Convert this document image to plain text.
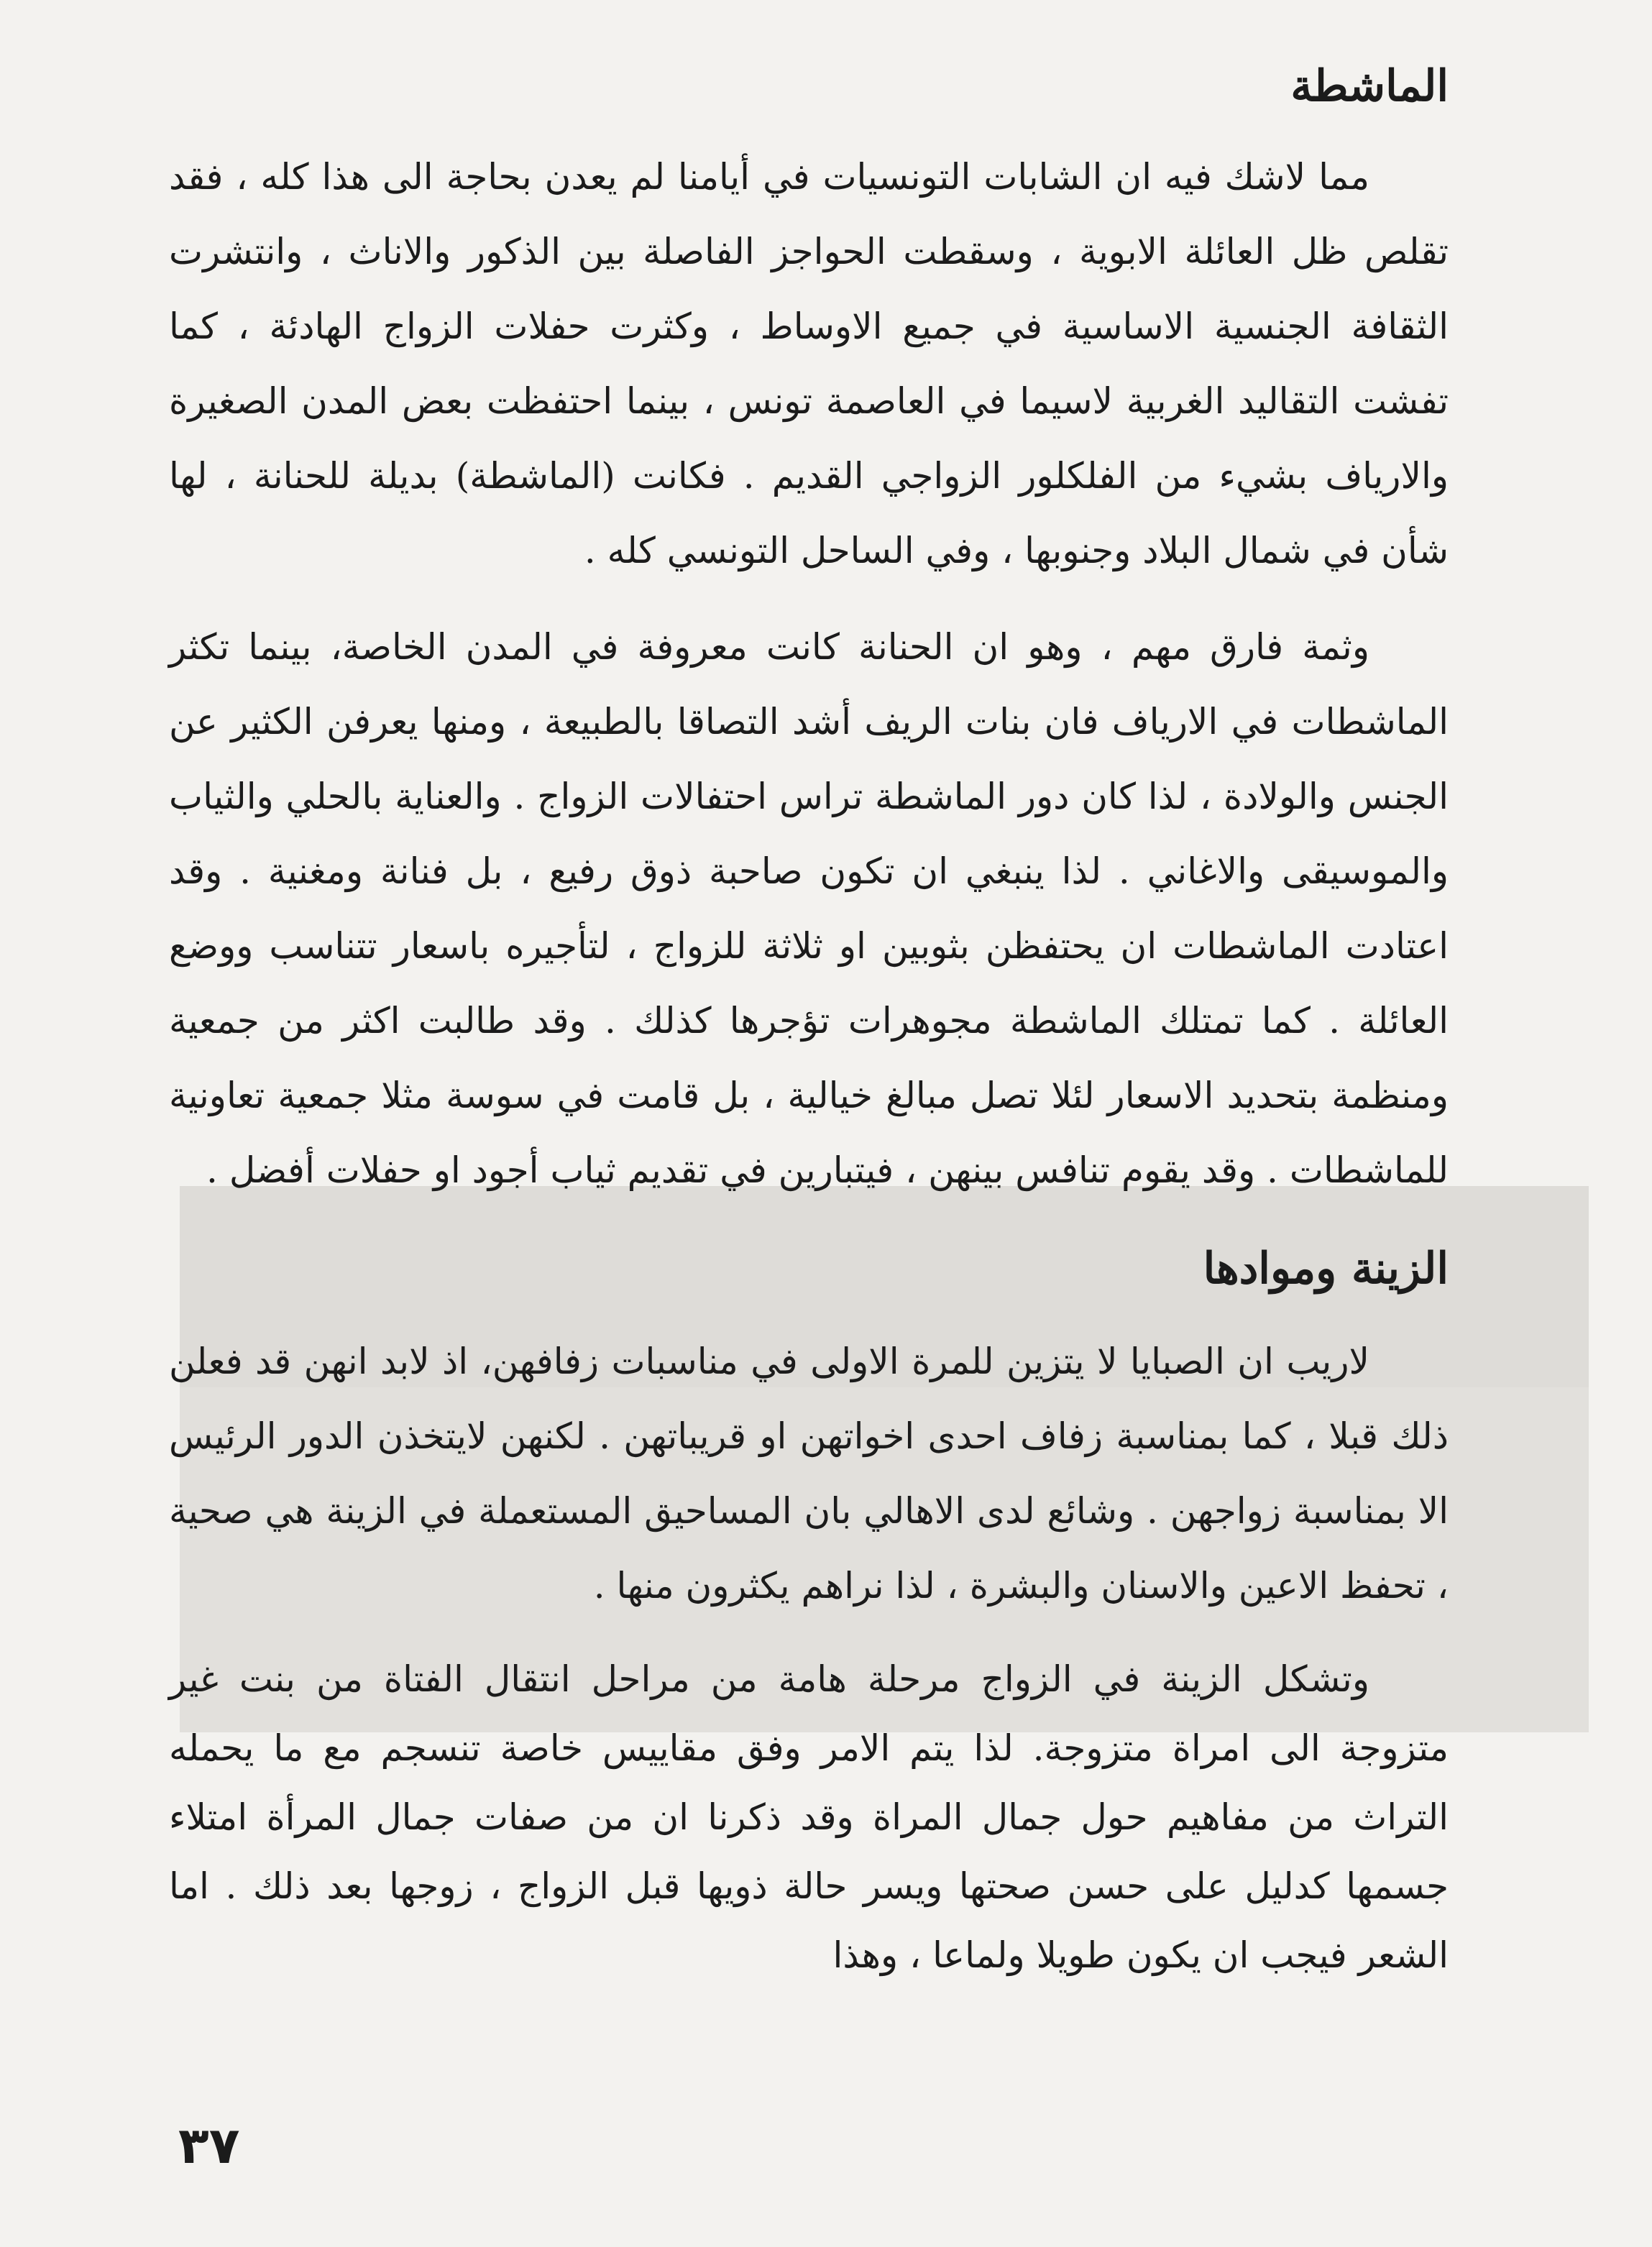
الماشطة

مما لاشك فيه ان الشابات التونسيات في أيامنا لم يعدن بحاجة الى هذا كله ، فقد تقلص ظل العائلة الابوية ، وسقطت الحواجز الفاصلة بين الذكور والاناث ، وانتشرت الثقافة الجنسية الاساسية في جميع الاوساط ، وكثرت حفلات الزواج الهادئة ، كما تفشت التقاليد الغربية لاسيما في العاصمة تونس ، بينما احتفظت بعض المدن الصغيرة والارياف بشيء من الفلكلور الزواجي القديم . فكانت (الماشطة) بديلة للحنانة ، لها شأن في شمال البلاد وجنوبها ، وفي الساحل التونسي كله .

وثمة فارق مهم ، وهو ان الحنانة كانت معروفة في المدن الخاصة، بينما تكثر الماشطات في الارياف فان بنات الريف أشد التصاقا بالطبيعة ، ومنها يعرفن الكثير عن الجنس والولادة ، لذا كان دور الماشطة تراس احتفالات الزواج . والعناية بالحلي والثياب والموسيقى والاغاني . لذا ينبغي ان تكون صاحبة ذوق رفيع ، بل فنانة ومغنية . وقد اعتادت الماشطات ان يحتفظن بثوبين او ثلاثة للزواج ، لتأجيره باسعار تتناسب ووضع العائلة . كما تمتلك الماشطة مجوهرات تؤجرها كذلك . وقد طالبت اكثر من جمعية ومنظمة بتحديد الاسعار لئلا تصل مبالغ خيالية ، بل قامت في سوسة مثلا جمعية تعاونية للماشطات . وقد يقوم تنافس بينهن ، فيتبارين في تقديم ثياب أجود او حفلات أفضل .

الزينة وموادها

لاريب ان الصبايا لا يتزين للمرة الاولى في مناسبات زفافهن، اذ لابد انهن قد فعلن ذلك قبلا ، كما بمناسبة زفاف احدى اخواتهن او قريباتهن . لكنهن لايتخذن الدور الرئيس الا بمناسبة زواجهن . وشائع لدى الاهالي بان المساحيق المستعملة في الزينة هي صحية ، تحفظ الاعين والاسنان والبشرة ، لذا نراهم يكثرون منها .

وتشكل الزينة في الزواج مرحلة هامة من مراحل انتقال الفتاة من بنت غير متزوجة الى امراة متزوجة. لذا يتم الامر وفق مقاييس خاصة تنسجم مع ما يحمله التراث من مفاهيم حول جمال المراة وقد ذكرنا ان من صفات جمال المرأة امتلاء جسمها كدليل على حسن صحتها ويسر حالة ذويها قبل الزواج ، زوجها بعد ذلك . اما الشعر فيجب ان يكون طويلا ولماعا ، وهذا

٣٧
